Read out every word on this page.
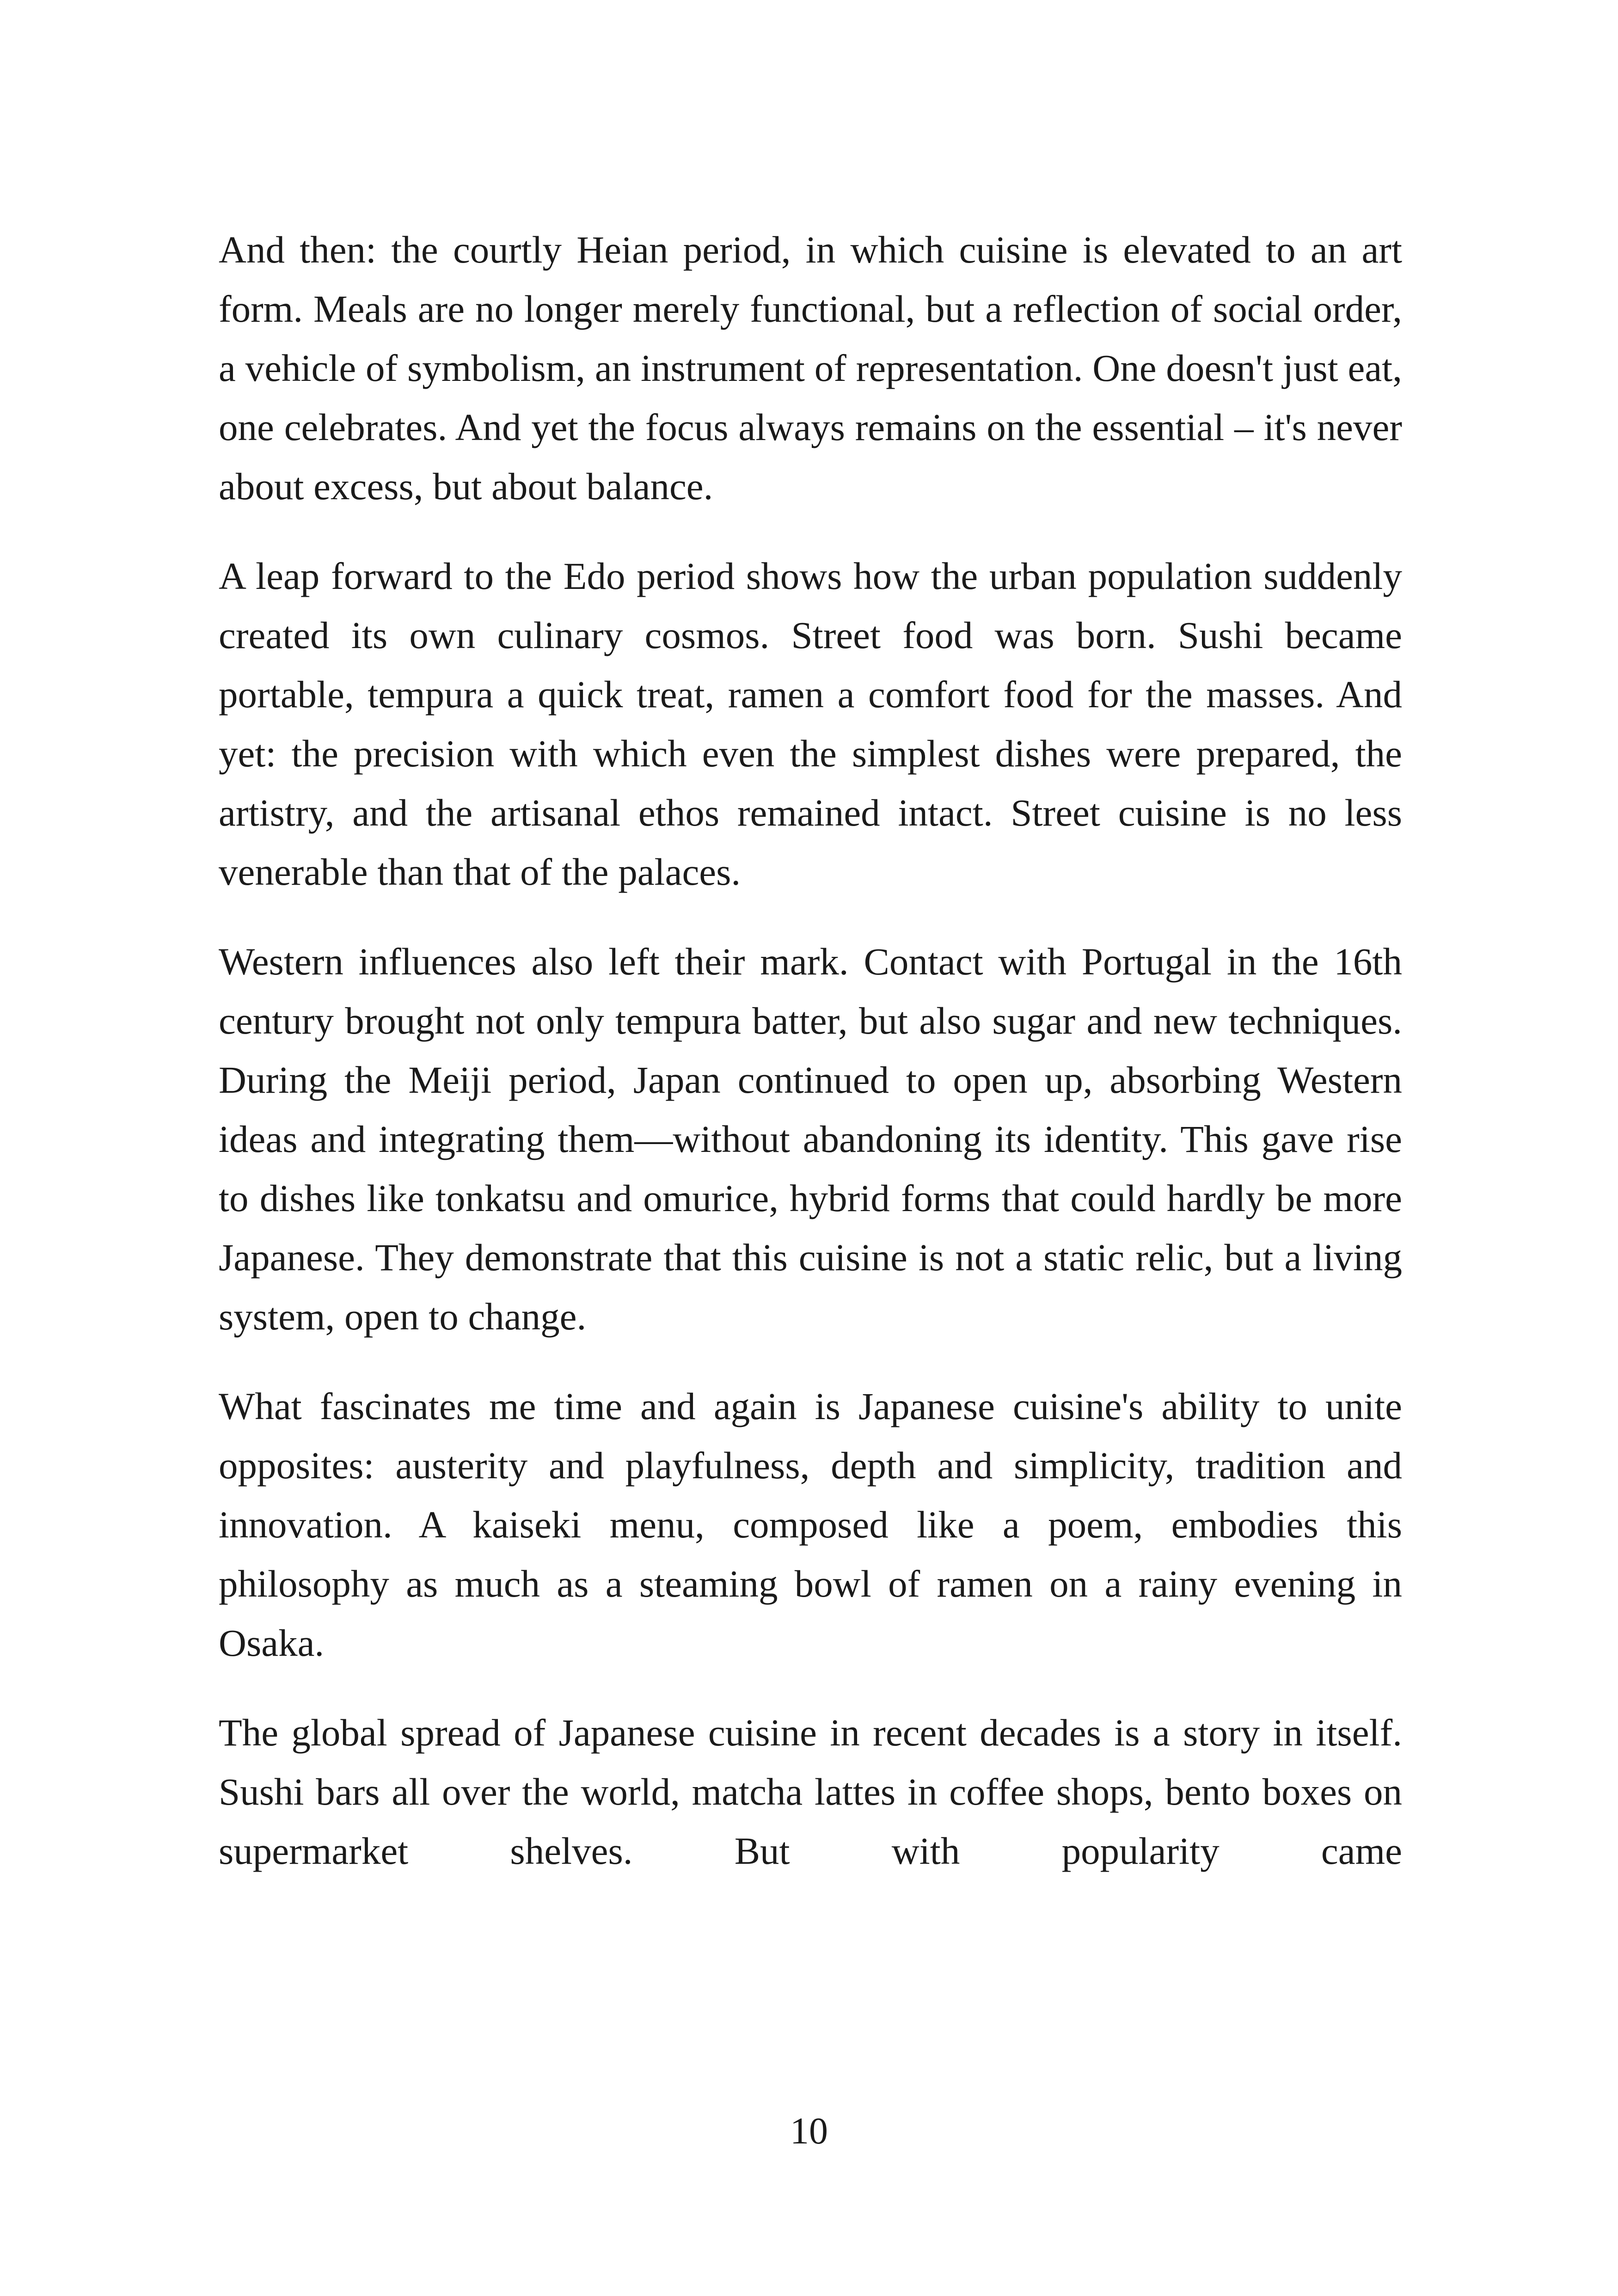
And then: the courtly Heian period, in which cuisine is elevated to an art form. Meals are no longer merely functional, but a reflection of social order, a vehicle of symbolism, an instrument of representation. One doesn't just eat, one celebrates. And yet the focus always remains on the essential – it's never about excess, but about balance.

A leap forward to the Edo period shows how the urban population suddenly created its own culinary cosmos. Street food was born. Sushi became portable, tempura a quick treat, ramen a comfort food for the masses. And yet: the precision with which even the simplest dishes were prepared, the artistry, and the artisanal ethos remained intact. Street cuisine is no less venerable than that of the palaces.

Western influences also left their mark. Contact with Portugal in the 16th century brought not only tempura batter, but also sugar and new techniques. During the Meiji period, Japan continued to open up, absorbing Western ideas and integrating them—without abandoning its identity. This gave rise to dishes like tonkatsu and omurice, hybrid forms that could hardly be more Japanese. They demonstrate that this cuisine is not a static relic, but a living system, open to change.

What fascinates me time and again is Japanese cuisine's ability to unite opposites: austerity and playfulness, depth and simplicity, tradition and innovation. A kaiseki menu, composed like a poem, embodies this philosophy as much as a steaming bowl of ramen on a rainy evening in Osaka.

The global spread of Japanese cuisine in recent decades is a story in itself. Sushi bars all over the world, matcha lattes in coffee shops, bento boxes on supermarket shelves. But with popularity came

10
